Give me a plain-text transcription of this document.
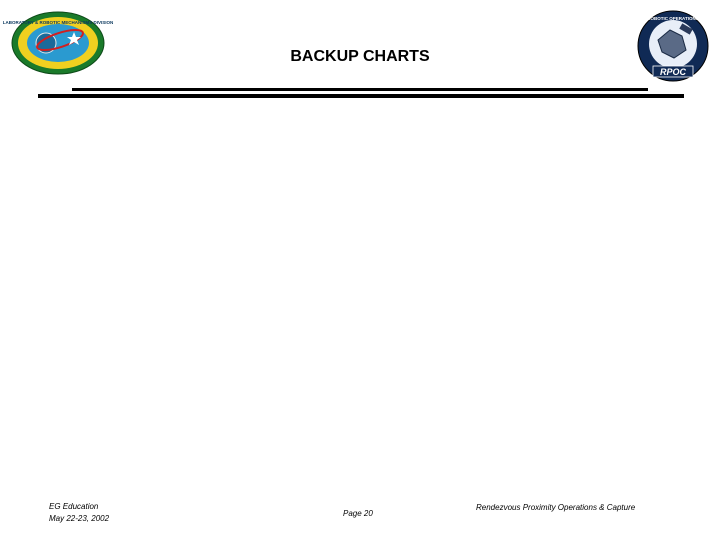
LABORATORY & ROBOTIC MECHANISMS DIVISION
ROBOTIC OPERATIONS
RPOC
BACKUP CHARTS
EG Education
May 22-23, 2002
Page 20
Rendezvous Proximity Operations & Capture
